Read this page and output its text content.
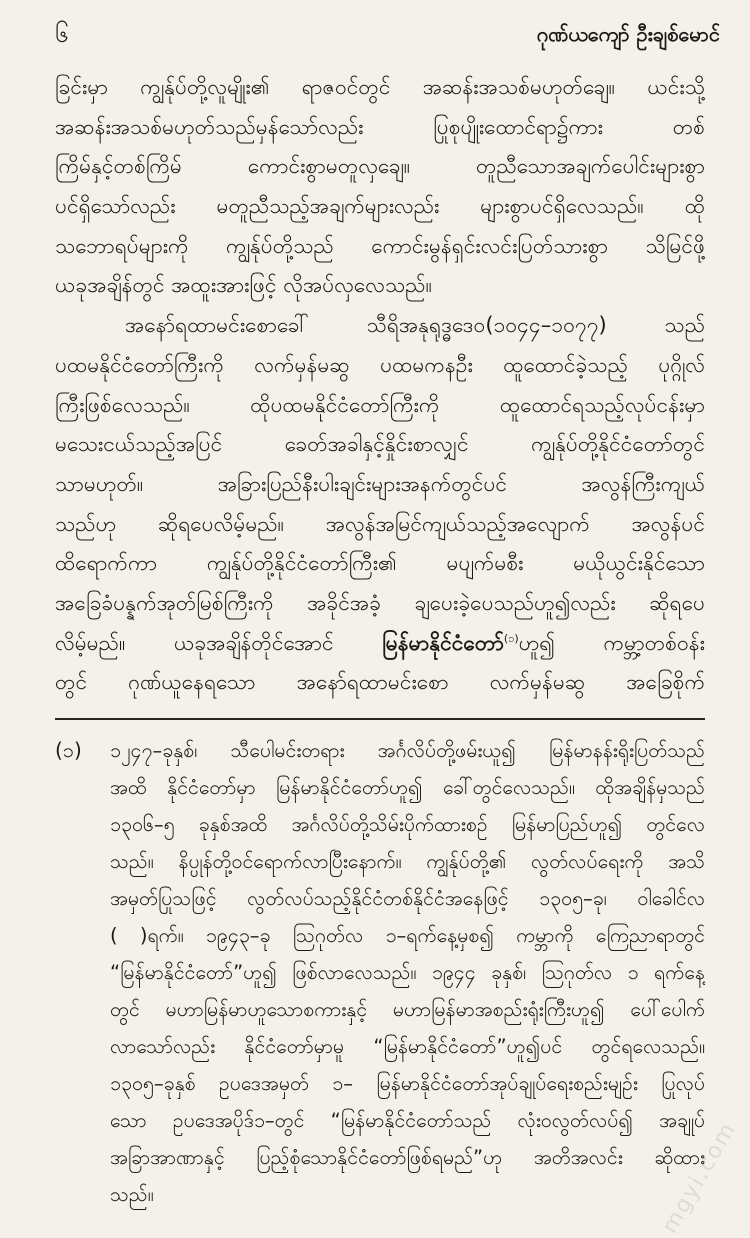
၆	ဂုဏ်ယကျော် ဦးချစ်မောင်
ခြင်းမှာ ကျွန်ုပ်တို့လူမျိုး၏ ရာဇဝင်တွင် အဆန်းအသစ်မဟုတ်ချေ။ ယင်းသို့
အဆန်းအသစ်မဟုတ်သည်မှန်သော်လည်း ပြုစုပျိုးထောင်ရာ၌ကား တစ်
ကြိမ်နှင့်တစ်ကြိမ် ကောင်းစွာမတူလှချေ။ တူညီသောအချက်ပေါင်းများစွာ
ပင်ရှိသော်လည်း မတူညီသည့်အချက်များလည်း များစွာပင်ရှိလေသည်။ ထို
သဘောရပ်များကို ကျွန်ုပ်တို့သည် ကောင်းမွန်ရှင်းလင်းပြတ်သားစွာ သိမြင်ဖို့
ယခုအချိန်တွင် အထူးအားဖြင့် လိုအပ်လှလေသည်။
အနော်ရထာမင်းစောခေါ် သီရိအနုရုဒ္ဓဒေဝ(၁၀၄၄–၁၀၇၇) သည်
ပထမနိုင်ငံတော်ကြီးကို လက်မှန်မဆွ ပထမကနဦး ထူထောင်ခဲ့သည့် ပုဂ္ဂိုလ်
ကြီးဖြစ်လေသည်။ ထိုပထမနိုင်ငံတော်ကြီးကို ထူထောင်ရသည့်လုပ်ငန်းမှာ
မသေးငယ်သည့်အပြင် ခေတ်အခါနှင့်နှိုင်းစာလျှင် ကျွန်ုပ်တို့နိုင်ငံတော်တွင်
သာမဟုတ်။ အခြားပြည်နီးပါးချင်းများအနက်တွင်ပင် အလွန်ကြီးကျယ်
သည်ဟု ဆိုရပေလိမ့်မည်။ အလွန်အမြင်ကျယ်သည့်အလျောက် အလွန်ပင်
ထိရောက်ကာ ကျွန်ုပ်တို့နိုင်ငံတော်ကြီး၏ မပျက်မစီး မယိုယွင်းနိုင်သော
အခြေခံပန္နက်အုတ်မြစ်ကြီးကို အခိုင်အခံ့ ချပေးခဲ့ပေသည်ဟူ၍လည်း ဆိုရပေ
လိမ့်မည်။ ယခုအချိန်တိုင်အောင် မြန်မာနိုင်ငံတော်$^{(၁)}$ဟူ၍ ကမ္ဘာ့တစ်ဝန်း
တွင် ဂုဏ်ယူနေရသော အနော်ရထာမင်းစော လက်မှန်မဆွ အခြေစိုက်
(၁)	၁၂၄၇–ခုနှစ်၊ သီပေါမင်းတရား အင်္ဂလိပ်တို့ဖမ်းယူ၍ မြန်မာနန်းရိုးပြတ်သည်
အထိ နိုင်ငံတော်မှာ မြန်မာနိုင်ငံတော်ဟူ၍ ခေါ်တွင်လေသည်။ ထိုအချိန်မှသည်
၁၃၀၆–၅ ခုနှစ်အထိ အင်္ဂလိပ်တို့သိမ်းပိုက်ထားစဉ် မြန်မာပြည်ဟူ၍ တွင်လေ
သည်။ နိပ္ပုန်တို့ဝင်ရောက်လာပြီးနောက်။ ကျွန်ုပ်တို့၏ လွတ်လပ်ရေးကို အသိ
အမှတ်ပြုသဖြင့် လွတ်လပ်သည့်နိုင်ငံတစ်နိုင်ငံအနေဖြင့် ၁၃၀၅–ခု၊ ဝါခေါင်လ
( )ရက်။ ၁၉၄၃–ခု ဩဂုတ်လ ၁–ရက်နေ့မှစ၍ ကမ္ဘာကို ကြေညာရာတွင်
“မြန်မာနိုင်ငံတော်”ဟူ၍ ဖြစ်လာလေသည်။ ၁၉၄၄ ခုနှစ်၊ ဩဂုတ်လ ၁ ရက်နေ့
တွင် မဟာမြန်မာဟူသောစကားနှင့် မဟာမြန်မာအစည်းရုံးကြီးဟူ၍ ပေါ်ပေါက်
လာသော်လည်း နိုင်ငံတော်မှာမူ “မြန်မာနိုင်ငံတော်”ဟူ၍ပင် တွင်ရလေသည်။
၁၃၀၅–ခုနှစ် ဥပဒေအမှတ် ၁– မြန်မာနိုင်ငံတော်အုပ်ချုပ်ရေးစည်းမျဉ်း ပြုလုပ်
သော ဥပဒေအပိုဒ်၁–တွင် “မြန်မာနိုင်ငံတော်သည် လုံးဝလွတ်လပ်၍ အချုပ်
အခြာအာဏာနှင့် ပြည့်စုံသောနိုင်ငံတော်ဖြစ်ရမည်”ဟု အတိအလင်း ဆိုထား
သည်။	mgyi.com
